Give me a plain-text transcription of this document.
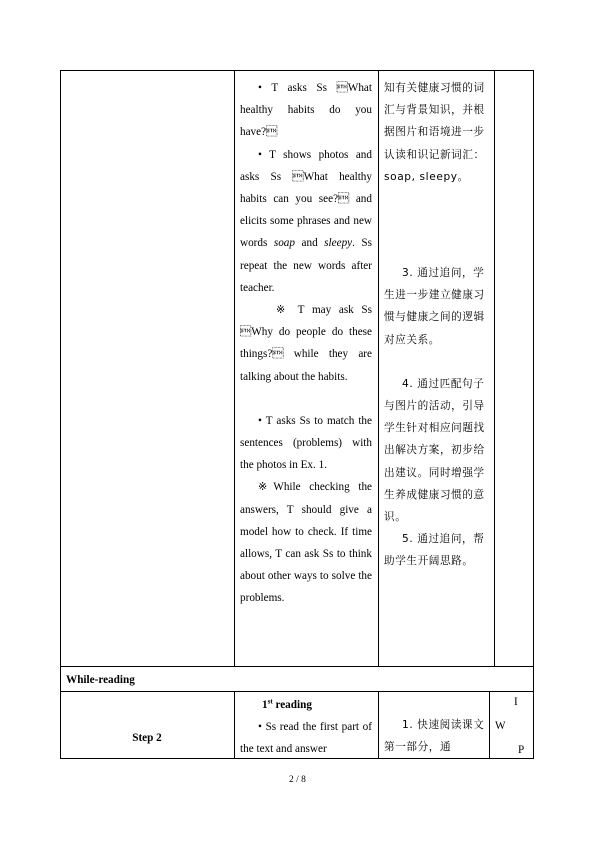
• T asks Ss What healthy habits do you have?
• T shows photos and asks Ss What healthy habits can you see? and elicits some phrases and new words soap and sleepy. Ss repeat the new words after teacher.
※ T may ask Ss Why do people do these things? while they are talking about the habits.
• T asks Ss to match the sentences (problems) with the photos in Ex. 1.
※While checking the answers, T should give a model how to check. If time allows, T can ask Ss to think about other ways to solve the problems.
知有关健康习惯的词汇与背景知识，并根据图片和语境进一步认读和识记新词汇：soap, sleepy。
3. 通过追问，学生进一步建立健康习惯与健康之间的逻辑对应关系。
4. 通过匹配句子与图片的活动，引导学生针对相应问题找出解决方案，初步给出建议。同时增强学生养成健康习惯的意识。
5. 通过追问，帮助学生开阔思路。
While-reading
Step 2
1st reading
• Ss read the first part of the text and answer
1. 快速阅读课文第一部分，通
I
W
P
2 / 8
